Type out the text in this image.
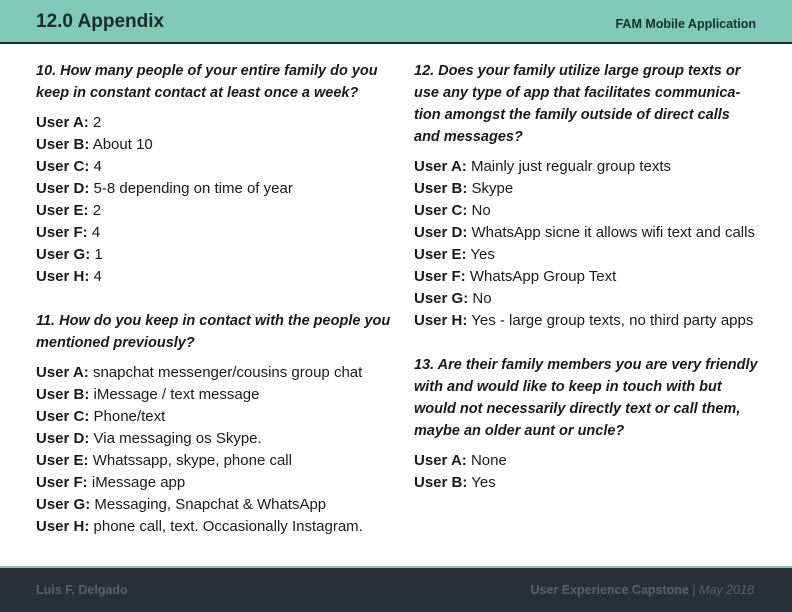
12.0 Appendix	FAM Mobile Application

10. How many people of your entire family do you keep in constant contact at least once a week?

User A: 2
User B: About 10
User C: 4
User D: 5-8 depending on time of year
User E: 2
User F: 4
User G: 1
User H: 4

11. How do you keep in contact with the people you mentioned previously?

User A: snapchat messenger/cousins group chat
User B: iMessage / text message
User C: Phone/text
User D: Via messaging os Skype.
User E: Whatssapp, skype, phone call
User F: iMessage app
User G: Messaging, Snapchat & WhatsApp
User H: phone call, text. Occasionally Instagram.

12. Does your family utilize large group texts or use any type of app that facilitates communica-tion amongst the family outside of direct calls and messages?

User A: Mainly just regualr group texts
User B: Skype
User C: No
User D: WhatsApp sicne it allows wifi text and calls
User E: Yes
User F: WhatsApp Group Text
User G: No
User H: Yes - large group texts, no third party apps

13. Are their family members you are very friendly with and would like to keep in touch with but would not necessarily directly text or call them, maybe an older aunt or uncle?

User A: None
User B: Yes
Luis F. Delgado	User Experience Capstone | May 2018
